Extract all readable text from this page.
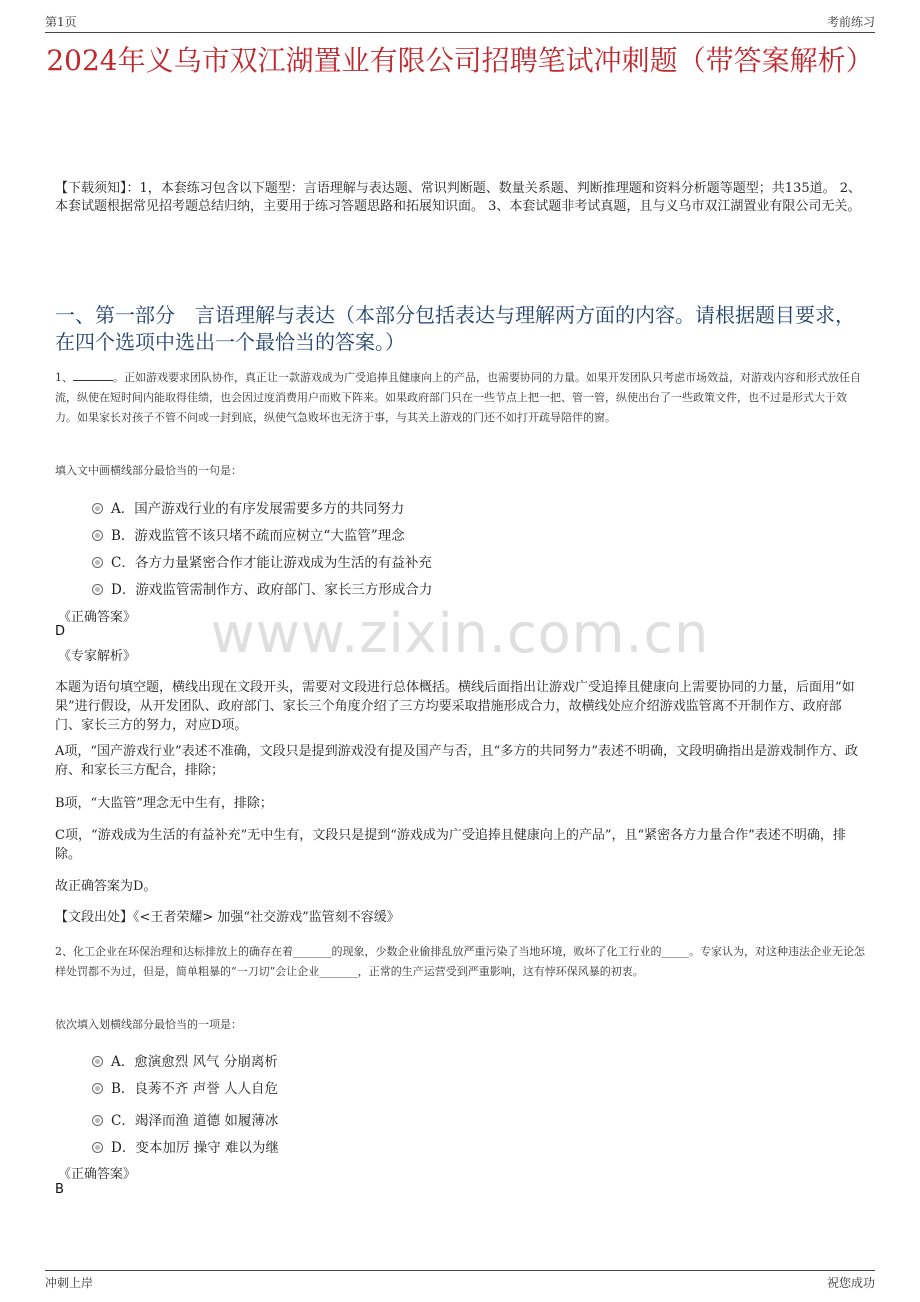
第1页	考前练习
2024年义乌市双江湖置业有限公司招聘笔试冲刺题（带答案解析）
【下载须知】：1，本套练习包含以下题型：言语理解与表达题、常识判断题、数量关系题、判断推理题和资料分析题等题型；共135道。 2、本套试题根据常见招考题总结归纳，主要用于练习答题思路和拓展知识面。 3、本套试题非考试真题，且与义乌市双江湖置业有限公司无关。
一、第一部分　言语理解与表达（本部分包括表达与理解两方面的内容。请根据题目要求，在四个选项中选出一个最恰当的答案。）
1、	。正如游戏要求团队协作，真正让一款游戏成为广受追捧且健康向上的产品，也需要协同的力量。如果开发团队只考虑市场效益，对游戏内容和形式放任自流，纵使在短时间内能取得佳绩，也会因过度消费用户而败下阵来。如果政府部门只在一些节点上把一把、管一管，纵使出台了一些政策文件，也不过是形式大于效力。如果家长对孩子不管不问或一封到底，纵使气急败坏也无济于事，与其关上游戏的门还不如打开疏导陪伴的窗。
填入文中画横线部分最恰当的一句是：
A．国产游戏行业的有序发展需要多方的共同努力
B．游戏监管不该只堵不疏而应树立“大监管”理念
C．各方力量紧密合作才能让游戏成为生活的有益补充
D．游戏监管需制作方、政府部门、家长三方形成合力
《正确答案》
D
《专家解析》	www.zixin.com.cn
本题为语句填空题，横线出现在文段开头，需要对文段进行总体概括。横线后面指出让游戏广受追捧且健康向上需要协同的力量，后面用“如果”进行假设，从开发团队、政府部门、家长三个角度介绍了三方均要采取措施形成合力，故横线处应介绍游戏监管离不开制作方、政府部门、家长三方的努力，对应D项。
A项，“国产游戏行业”表述不准确，文段只是提到游戏没有提及国产与否，且“多方的共同努力”表述不明确，文段明确指出是游戏制作方、政府、和家长三方配合，排除；
B项，“大监管”理念无中生有，排除；
C项，“游戏成为生活的有益补充”无中生有，文段只是提到“游戏成为广受追捧且健康向上的产品”，且“紧密各方力量合作”表述不明确，排除。
故正确答案为D。
【文段出处】《<王者荣耀> 加强“社交游戏”监管刻不容缓》
2、化工企业在环保治理和达标排放上的确存在着_______的现象，少数企业偷排乱放严重污染了当地环境，败坏了化工行业的_____。专家认为，对这种违法企业无论怎样处罚都不为过，但是，简单粗暴的“一刀切”会让企业_______，正常的生产运营受到严重影响，这有悖环保风暴的初衷。
依次填入划横线部分最恰当的一项是：
A．愈演愈烈 风气 分崩离析
B．良莠不齐 声誉 人人自危
C．竭泽而渔 道德 如履薄冰
D．变本加厉 操守 难以为继
《正确答案》
B
冲刺上岸	祝您成功
